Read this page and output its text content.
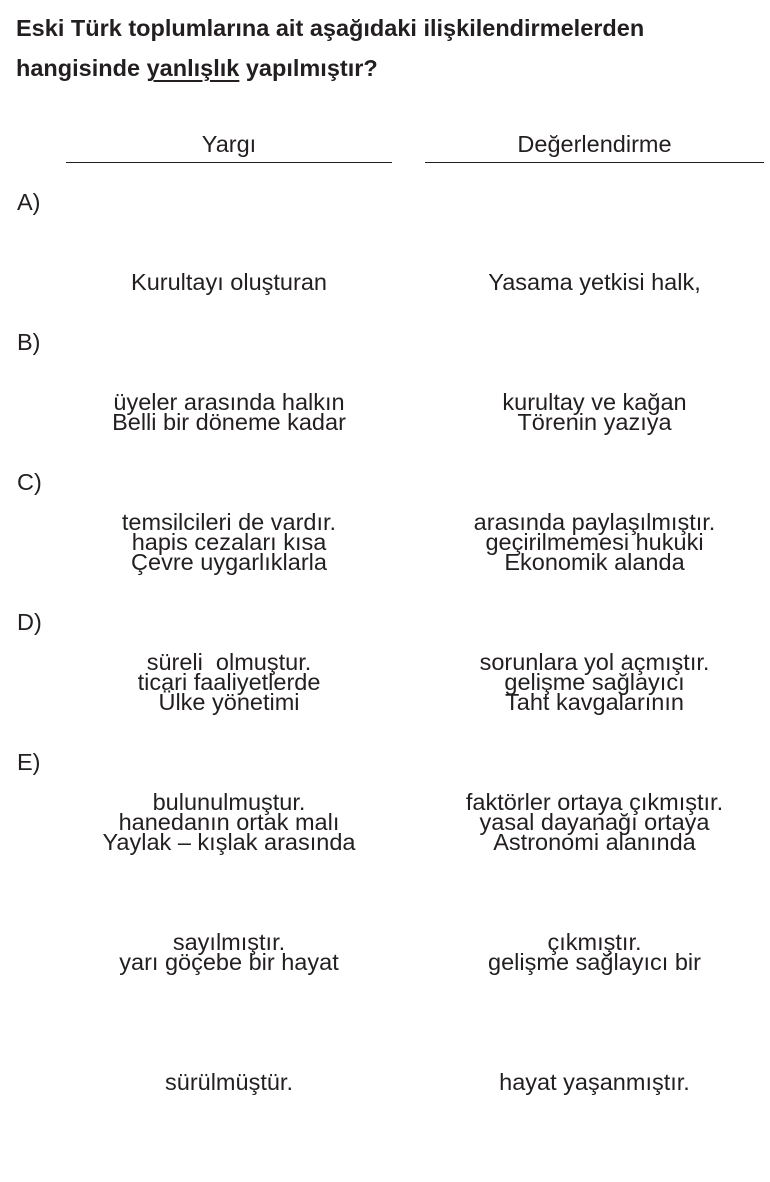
Eski Türk toplumlarına ait aşağıdaki ilişkilendirmelerden
hangisinde yanlışlık yapılmıştır?

Yargı	Değerlendirme
A)

Kurultayı oluşturan

üyeler arasında halkın

temsilcileri de vardır.

Yasama yetkisi halk,

kurultay ve kağan

arasında paylaşılmıştır.

B)

Belli bir döneme kadar

hapis cezaları kısa

süreli  olmuştur.

Törenin yazıya

geçirilmemesi hukuki

sorunlara yol açmıştır.

C)

Çevre uygarlıklarla

ticari faaliyetlerde

bulunulmuştur.

Ekonomik alanda

gelişme sağlayıcı

faktörler ortaya çıkmıştır.

D)

Ülke yönetimi

hanedanın ortak malı

sayılmıştır.

Taht kavgalarının

yasal dayanağı ortaya

çıkmıştır.

E)

Yaylak – kışlak arasında

yarı göçebe bir hayat

sürülmüştür.

Astronomi alanında

gelişme sağlayıcı bir

hayat yaşanmıştır.
